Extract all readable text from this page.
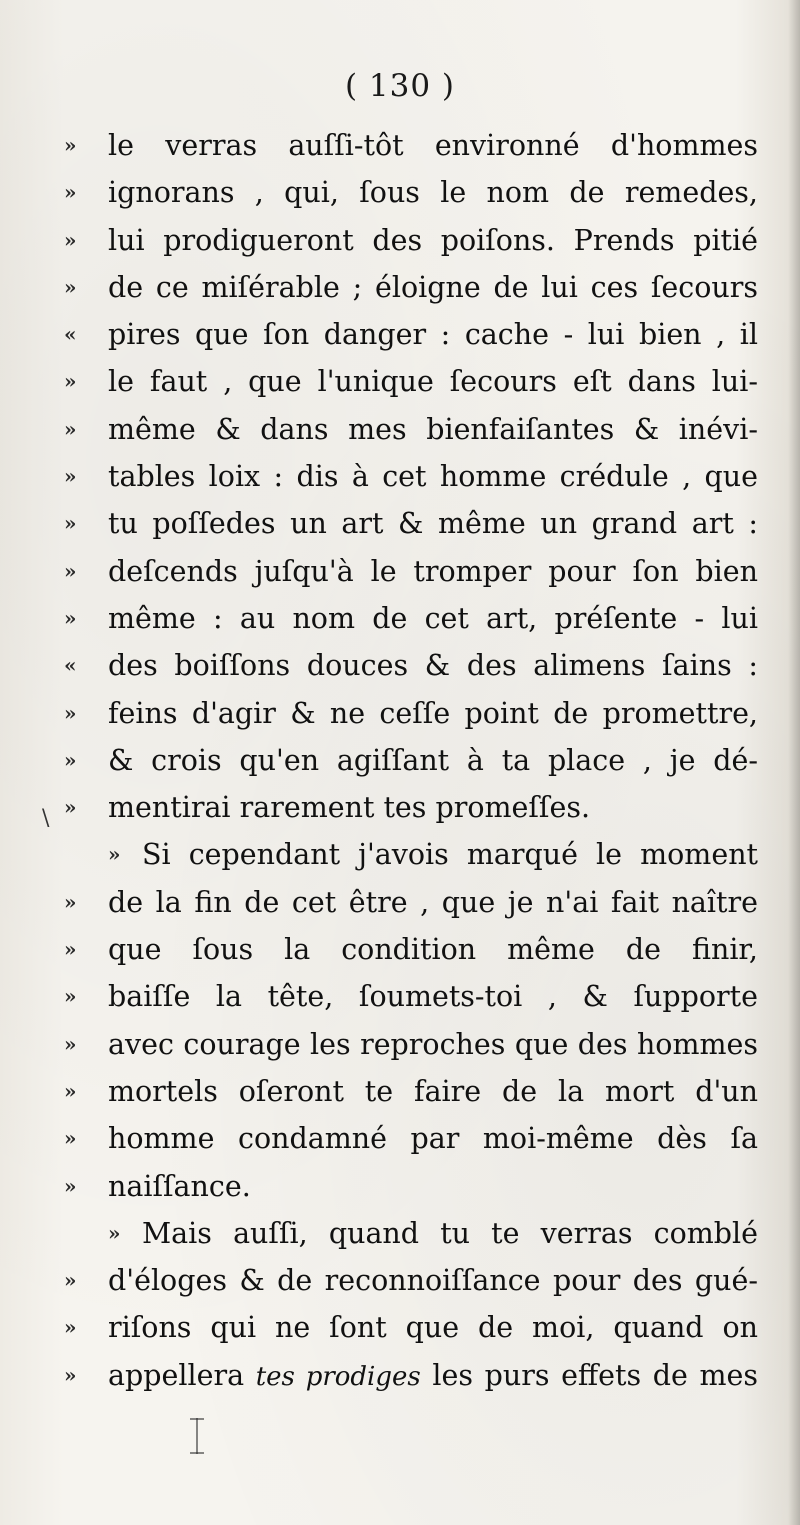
( 130 )
\
»	le verras auſſi-tôt environné d'hommes
»	ignorans , qui, ſous le nom de remedes,
»	lui prodigueront des poiſons. Prends pitié
»	de ce miſérable ; éloigne de lui ces ſecours
«	pires que ſon danger : cache - lui bien , il
»	le faut , que l'unique ſecours eſt dans lui-
»	même & dans mes bienfaiſantes & inévi-
»	tables loix : dis à cet homme crédule , que
»	tu poſſedes un art & même un grand art :
»	deſcends juſqu'à le tromper pour ſon bien
»	même : au nom de cet art, préſente - lui
«	des boiſſons douces & des alimens ſains :
»	feins d'agir & ne ceſſe point de promettre,
»	& crois qu'en agiſſant à ta place , je dé-
»	mentirai rarement tes promeſſes.
» Si cependant j'avois marqué le moment
»	de la fin de cet être , que je n'ai fait naître
»	que ſous la condition même de finir,
»	baiſſe la tête, ſoumets-toi , & ſupporte
»	avec courage les reproches que des hommes
»	mortels oſeront te faire de la mort d'un
»	homme condamné par moi-même dès ſa
»	naiſſance.
» Mais auſſi, quand tu te verras comblé
»	d'éloges & de reconnoiſſance pour des gué-
»	riſons qui ne ſont que de moi, quand on
»	appellera tes prodiges les purs effets de mes
